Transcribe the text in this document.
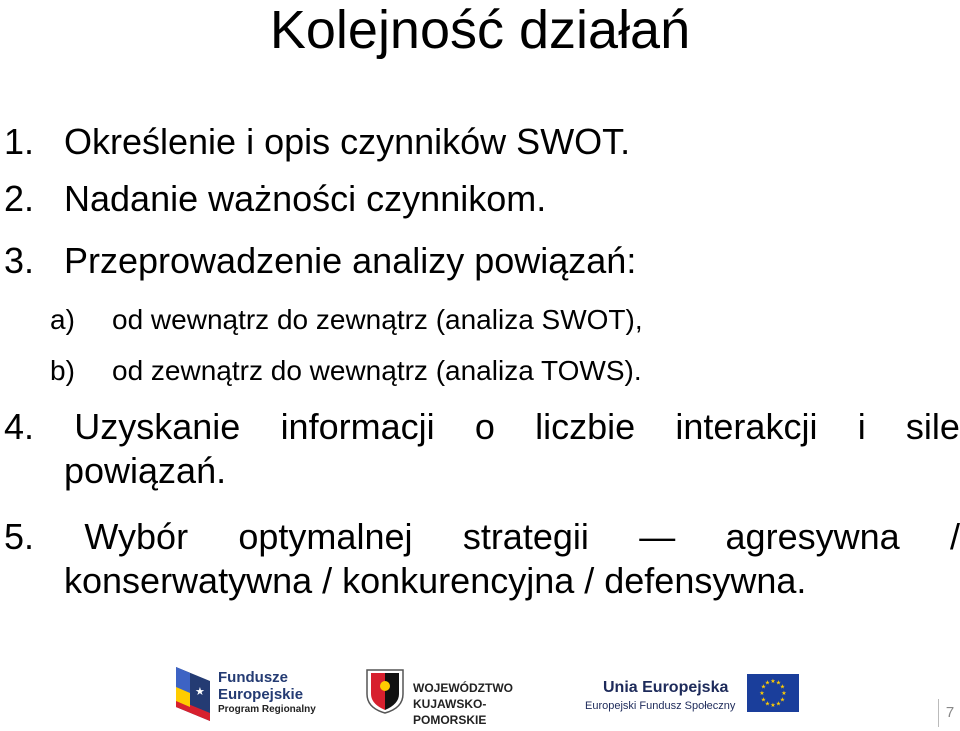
Kolejność działań
1. Określenie i opis czynników SWOT.
2. Nadanie ważności czynnikom.
3. Przeprowadzenie analizy powiązań:
a) od wewnątrz do zewnątrz (analiza SWOT),
b) od zewnątrz do wewnątrz (analiza TOWS).
4. Uzyskanie informacji o liczbie interakcji i sile
powiązań.
5. Wybór optymalnej strategii — agresywna /
konserwatywna / konkurencyjna / defensywna.
★
Fundusze
Europejskie
Program Regionalny
WOJEWÓDZTWO
KUJAWSKO-POMORSKIE
Unia Europejska
Europejski Fundusz Społeczny
★ ★
★
★
★
★
★
★
★
★
★
★
7
